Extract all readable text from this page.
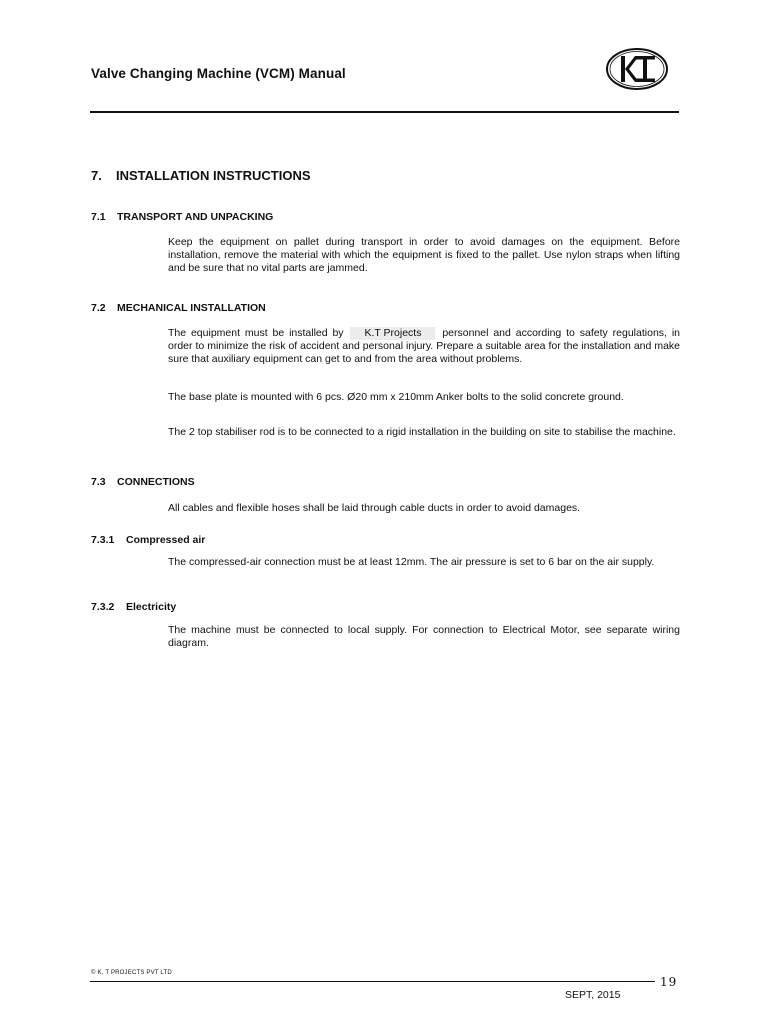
Valve Changing Machine (VCM) Manual
7. INSTALLATION INSTRUCTIONS
7.1 TRANSPORT AND UNPACKING
Keep the equipment on pallet during transport in order to avoid damages on the equipment. Before installation, remove the material with which the equipment is fixed to the pallet. Use nylon straps when lifting and be sure that no vital parts are jammed.
7.2 MECHANICAL INSTALLATION
The equipment must be installed by K.T Projects personnel and according to safety regulations, in order to minimize the risk of accident and personal injury. Prepare a suitable area for the installation and make sure that auxiliary equipment can get to and from the area without problems.
The base plate is mounted with 6 pcs. Ø20 mm x 210mm Anker bolts to the solid concrete ground.
The 2 top stabiliser rod is to be connected to a rigid installation in the building on site to stabilise the machine.
7.3 CONNECTIONS
All cables and flexible hoses shall be laid through cable ducts in order to avoid damages.
7.3.1 Compressed air
The compressed-air connection must be at least 12mm. The air pressure is set to 6 bar on the air supply.
7.3.2 Electricity
The machine must be connected to local supply. For connection to Electrical Motor, see separate wiring diagram.
© K, T PROJECTS PVT LTD
19
SEPT, 2015
